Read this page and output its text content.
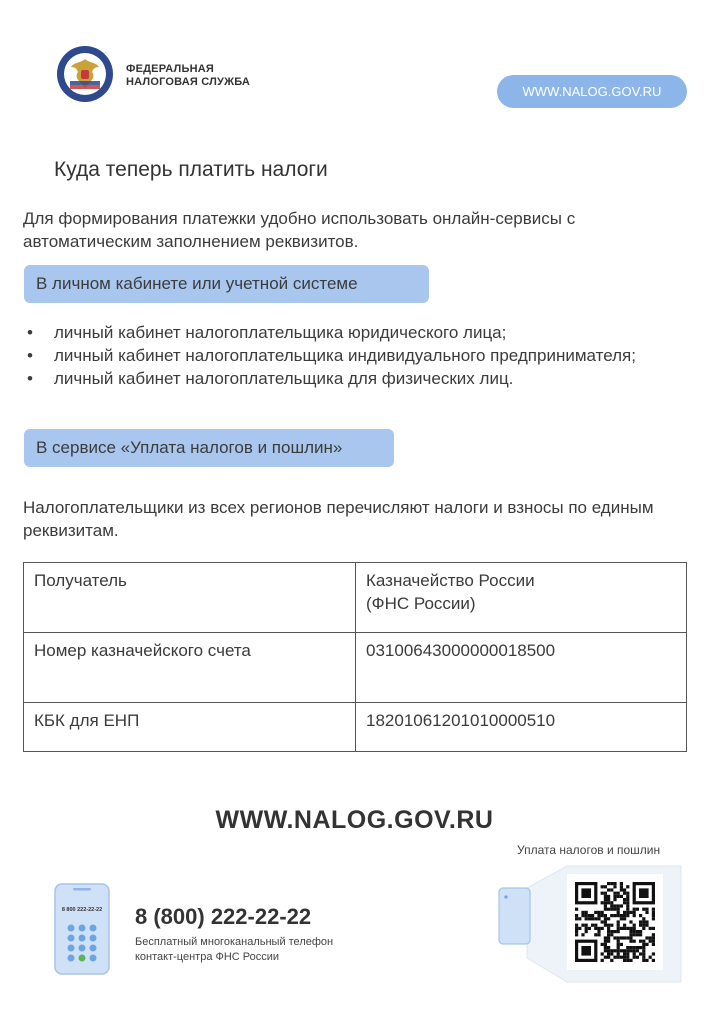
ФЕДЕРАЛЬНАЯ
НАЛОГОВАЯ СЛУЖБА
WWW.NALOG.GOV.RU
Куда теперь платить налоги
Для формирования платежки удобно использовать онлайн-сервисы с автоматическим заполнением реквизитов.
В личном кабинете или учетной системе
• личный кабинет налогоплательщика юридического лица;
• личный кабинет налогоплательщика индивидуального предпринимателя;
• личный кабинет налогоплательщика для физических лиц.
В сервисе «Уплата налогов и пошлин»
Налогоплательщики из всех регионов перечисляют налоги и взносы по единым реквизитам.
Получатель	Казначейство России
(ФНС России)

Номер казначейского счета	03100643000000018500
КБК для ЕНП	18201061201010000510
WWW.NALOG.GOV.RU
Уплата налогов и пошлин
8 800 222-22-22 8 (800) 222-22-22
Бесплатный многоканальный телефон
контакт-центра ФНС России
